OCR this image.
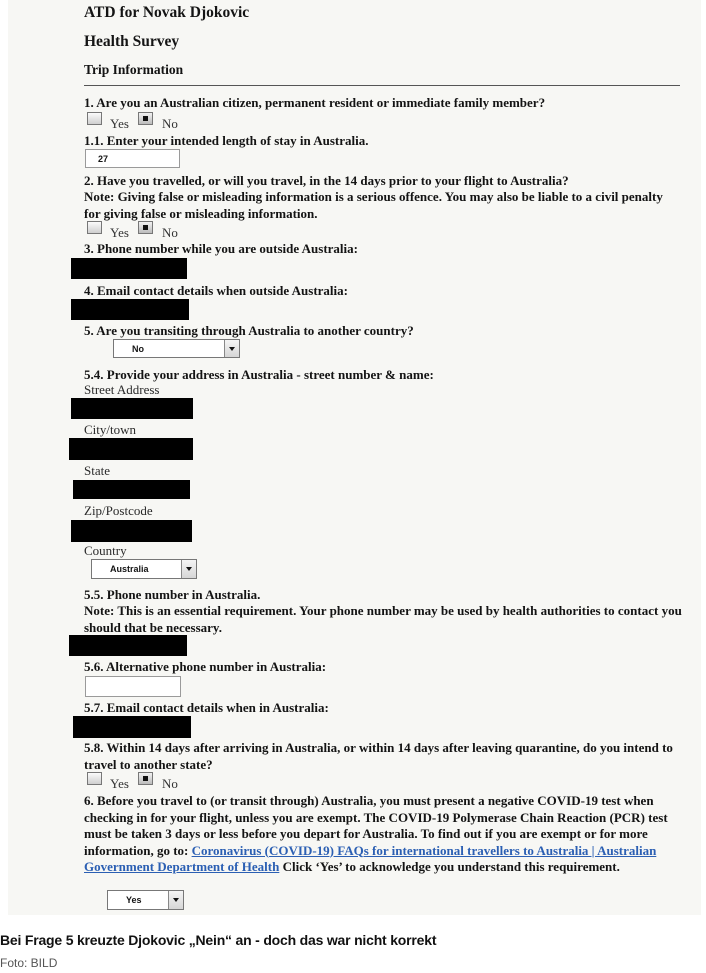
ATD for Novak Djokovic
Health Survey
Trip Information
1. Are you an Australian citizen, permanent resident or immediate family member?
Yes	No
1.1. Enter your intended length of stay in Australia.
27
2. Have you travelled, or will you travel, in the 14 days prior to your flight to Australia?
Note: Giving false or misleading information is a serious offence. You may also be liable to a civil penalty for giving false or misleading information.
Yes	No
3. Phone number while you are outside Australia:
4. Email contact details when outside Australia:
5. Are you transiting through Australia to another country?
No
5.4. Provide your address in Australia - street number & name:
Street Address
City/town
State
Zip/Postcode
Country
Australia
5.5. Phone number in Australia.
Note: This is an essential requirement. Your phone number may be used by health authorities to contact you should that be necessary.
5.6. Alternative phone number in Australia:
5.7. Email contact details when in Australia:
5.8. Within 14 days after arriving in Australia, or within 14 days after leaving quarantine, do you intend to travel to another state?
Yes	No
6. Before you travel to (or transit through) Australia, you must present a negative COVID-19 test when checking in for your flight, unless you are exempt. The COVID-19 Polymerase Chain Reaction (PCR) test must be taken 3 days or less before you depart for Australia. To find out if you are exempt or for more information, go to: Coronavirus (COVID-19) FAQs for international travellers to Australia | Australian Government Department of Health Click ‘Yes’ to acknowledge you understand this requirement.
Yes
Bei Frage 5 kreuzte Djokovic „Nein“ an - doch das war nicht korrekt
Foto: BILD
